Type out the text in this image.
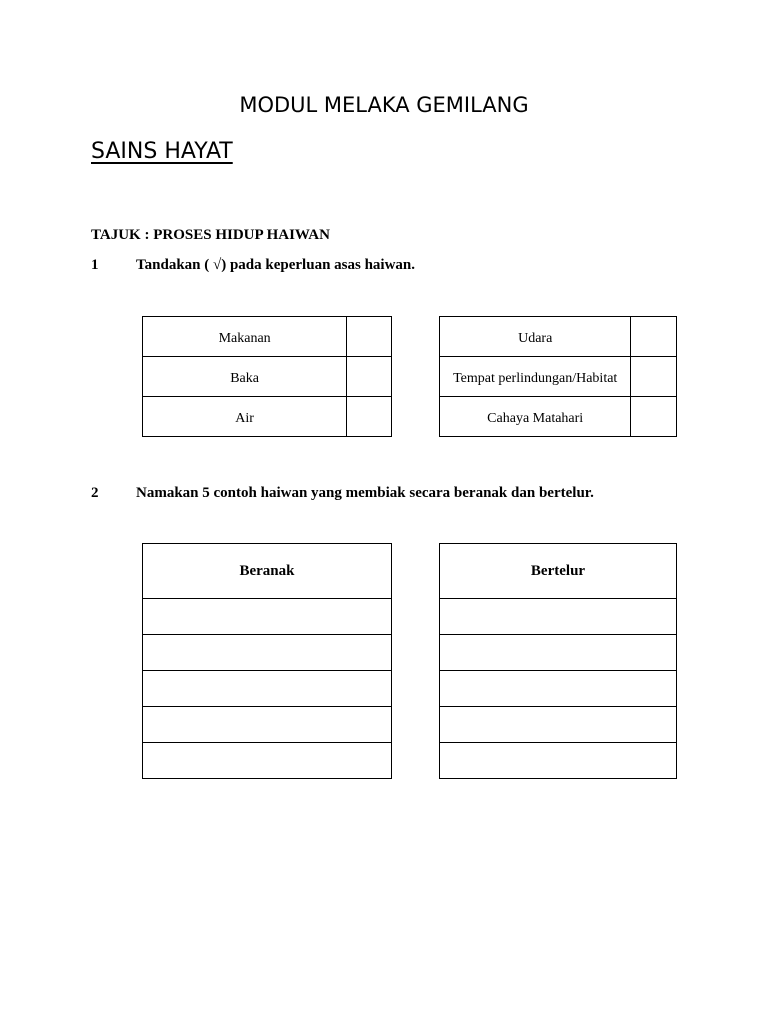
MODUL MELAKA GEMILANG
SAINS HAYAT
TAJUK : PROSES HIDUP HAIWAN
1	Tandakan ( √) pada keperluan asas haiwan.
Makanan	
Baka	
Air	
Udara	
Tempat perlindungan/Habitat	
Cahaya Matahari	
2	Namakan 5 contoh haiwan yang membiak secara beranak dan bertelur.
Beranak	Bertelur
